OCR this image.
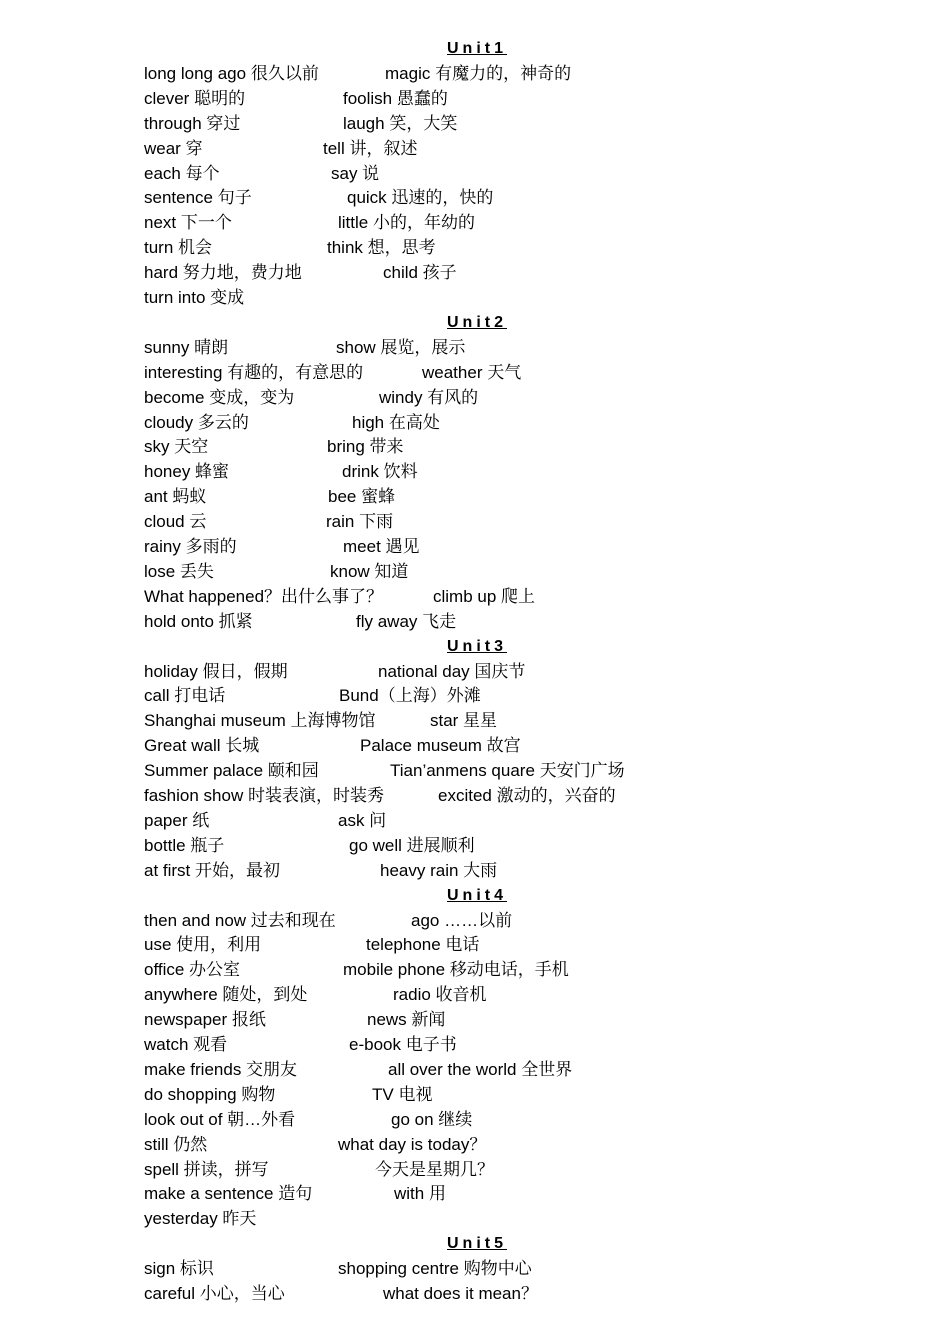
Unit1
long long ago 很久以前	magic 有魔力的，神奇的
clever 聪明的	foolish 愚蠢的
through 穿过	laugh 笑，大笑
wear 穿	tell 讲，叙述
each 每个	say 说
sentence 句子	quick 迅速的，快的
next 下一个	little 小的，年幼的
turn 机会	think 想，思考
hard 努力地，费力地	child 孩子
turn into 变成
Unit2
sunny 晴朗	show 展览，展示
interesting 有趣的，有意思的	weather 天气
become 变成，变为	windy 有风的
cloudy 多云的	high 在高处
sky 天空	bring 带来
honey 蜂蜜	drink 饮料
ant 蚂蚁	bee 蜜蜂
cloud 云	rain 下雨
rainy 多雨的	meet 遇见
lose 丢失	know 知道
What happened？出什么事了？	climb up 爬上
hold onto 抓紧	fly away 飞走
Unit3
holiday 假日，假期	national day 国庆节
call 打电话	Bund（上海）外滩
Shanghai museum 上海博物馆	star 星星
Great wall 长城	Palace museum 故宫
Summer palace 颐和园	Tian’anmens quare 天安门广场
fashion show 时装表演，时装秀	excited 激动的，兴奋的
paper 纸	ask 问
bottle 瓶子	go well 进展顺利
at first 开始，最初	heavy rain 大雨
Unit4
then and now 过去和现在	ago ……以前
use 使用，利用	telephone 电话
office 办公室	mobile phone 移动电话，手机
anywhere 随处，到处	radio 收音机
newspaper 报纸	news 新闻
watch 观看	e-book 电子书
make friends 交朋友	all over the world 全世界
do shopping 购物	TV 电视
look out of 朝…外看	go on 继续
still 仍然	what day is today？
spell 拼读，拼写	今天是星期几？
make a sentence 造句	with 用
yesterday 昨天
Unit5
sign 标识	shopping centre 购物中心
careful 小心，当心	what does it mean？
